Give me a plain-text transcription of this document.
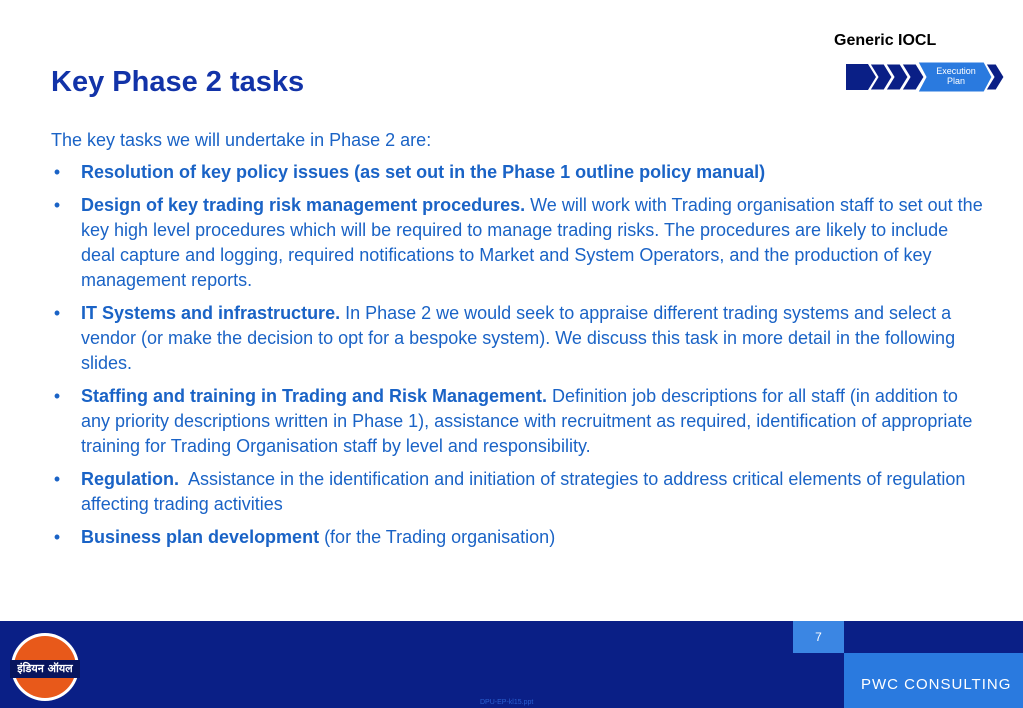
Generic IOCL
Key Phase 2 tasks	Execution
Plan

The key tasks we will undertake in Phase 2 are:

• Resolution of key policy issues (as set out in the Phase 1 outline policy manual)
• Design of key trading risk management procedures. We will work with Trading organisation staff to set out the key high level procedures which will be required to manage trading risks. The procedures are likely to include deal capture and logging, required notifications to Market and System Operators, and the production of key management reports.
• IT Systems and infrastructure. In Phase 2 we would seek to appraise different trading systems and select a vendor (or make the decision to opt for a bespoke system). We discuss this task in more detail in the following slides.
• Staffing and training in Trading and Risk Management. Definition job descriptions for all staff (in addition to any priority descriptions written in Phase 1), assistance with recruitment as required, identification of appropriate training for Trading Organisation staff by level and responsibility.
• Regulation.  Assistance in the identification and initiation of strategies to address critical elements of regulation affecting trading activities
• Business plan development (for the Trading organisation)
इंडियन ऑयल
7
PWC CONSULTING
DPU-EP-kl15.ppt
